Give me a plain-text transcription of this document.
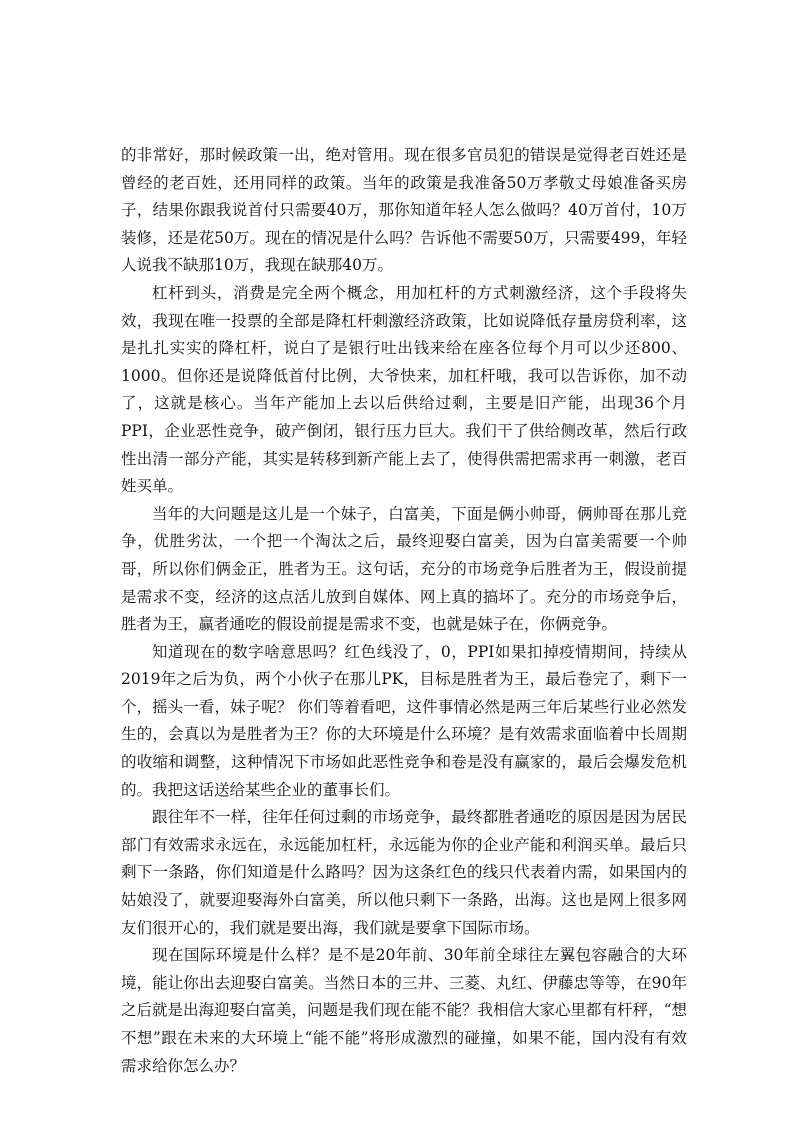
的非常好，那时候政策一出，绝对管用。现在很多官员犯的错误是觉得老百姓还是曾经的老百姓，还用同样的政策。当年的政策是我准备50万孝敬丈母娘准备买房子，结果你跟我说首付只需要40万，那你知道年轻人怎么做吗？40万首付，10万装修，还是花50万。现在的情况是什么吗？告诉他不需要50万，只需要499，年轻人说我不缺那10万，我现在缺那40万。

杠杆到头，消费是完全两个概念，用加杠杆的方式刺激经济，这个手段将失效，我现在唯一投票的全部是降杠杆刺激经济政策，比如说降低存量房贷利率，这是扎扎实实的降杠杆，说白了是银行吐出钱来给在座各位每个月可以少还800、1000。但你还是说降低首付比例，大爷快来，加杠杆哦，我可以告诉你，加不动了，这就是核心。当年产能加上去以后供给过剩，主要是旧产能，出现36个月PPI，企业恶性竞争，破产倒闭，银行压力巨大。我们干了供给侧改革，然后行政性出清一部分产能，其实是转移到新产能上去了，使得供需把需求再一刺激，老百姓买单。

当年的大问题是这儿是一个妹子，白富美，下面是俩小帅哥，俩帅哥在那儿竞争，优胜劣汰，一个把一个淘汰之后，最终迎娶白富美，因为白富美需要一个帅哥，所以你们俩金正，胜者为王。这句话，充分的市场竞争后胜者为王，假设前提是需求不变，经济的这点活儿放到自媒体、网上真的搞坏了。充分的市场竞争后，胜者为王，赢者通吃的假设前提是需求不变，也就是妹子在，你俩竞争。

知道现在的数字啥意思吗？红色线没了，0，PPI如果扣掉疫情期间，持续从2019年之后为负，两个小伙子在那儿PK，目标是胜者为王，最后卷完了，剩下一个，摇头一看，妹子呢？ 你们等着看吧，这件事情必然是两三年后某些行业必然发生的，会真以为是胜者为王？你的大环境是什么环境？是有效需求面临着中长周期的收缩和调整，这种情况下市场如此恶性竞争和卷是没有赢家的，最后会爆发危机的。我把这话送给某些企业的董事长们。

跟往年不一样，往年任何过剩的市场竞争，最终都胜者通吃的原因是因为居民部门有效需求永远在，永远能加杠杆，永远能为你的企业产能和利润买单。最后只剩下一条路，你们知道是什么路吗？因为这条红色的线只代表着内需，如果国内的姑娘没了，就要迎娶海外白富美，所以他只剩下一条路，出海。这也是网上很多网友们很开心的，我们就是要出海，我们就是要拿下国际市场。

现在国际环境是什么样？是不是20年前、30年前全球往左翼包容融合的大环境，能让你出去迎娶白富美。当然日本的三井、三菱、丸红、伊藤忠等等，在90年之后就是出海迎娶白富美，问题是我们现在能不能？我相信大家心里都有杆秤，“想不想”跟在未来的大环境上“能不能”将形成激烈的碰撞，如果不能，国内没有有效需求给你怎么办？
